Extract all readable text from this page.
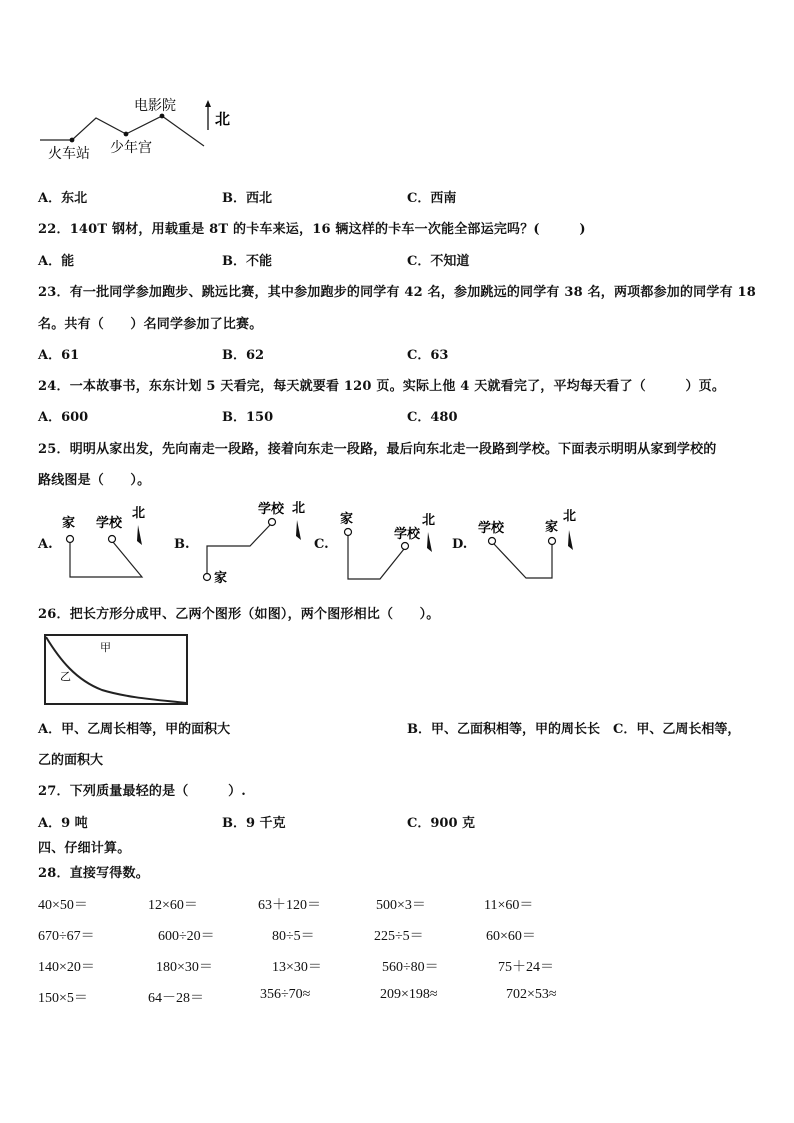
电影院
火车站 少年宫
北
A．东北	B．西北	C．西南
22．140T 钢材，用载重是 8T 的卡车来运，16 辆这样的卡车一次能全部运完吗？(　　　)
A．能	B．不能	C．不知道
23．有一批同学参加跑步、跳远比赛，其中参加跑步的同学有 42 名，参加跳远的同学有 38 名，两项都参加的同学有 18
名。共有（　　）名同学参加了比赛。
A．61	B．62	C．63
24．一本故事书，东东计划 5 天看完，每天就要看 120 页。实际上他 4 天就看完了，平均每天看了（　　　）页。
A．600	B．150	C．480
25．明明从家出发，先向南走一段路，接着向东走一段路，最后向东北走一段路到学校。下面表示明明从家到学校的
路线图是（　　）。
A.
家 学校
北
B.
学校 北
家
C.
家
学校
北
D.
学校	家
北
26．把长方形分成甲、乙两个图形（如图），两个图形相比（　　）。
甲
乙
A．甲、乙周长相等，甲的面积大	B．甲、乙面积相等，甲的周长长　C．甲、乙周长相等，
乙的面积大
27．下列质量最轻的是（　　　）.
A．9 吨	B．9 千克	C．900 克
四、仔细计算。
28．直接写得数。
40×50＝	12×60＝	63＋120＝	500×3＝	11×60＝
670÷67＝	600÷20＝	80÷5＝	225÷5＝	60×60＝
140×20＝	180×30＝	13×30＝	560÷80＝	75＋24＝
150×5＝	64－28＝	356÷70≈	209×198≈	702×53≈
